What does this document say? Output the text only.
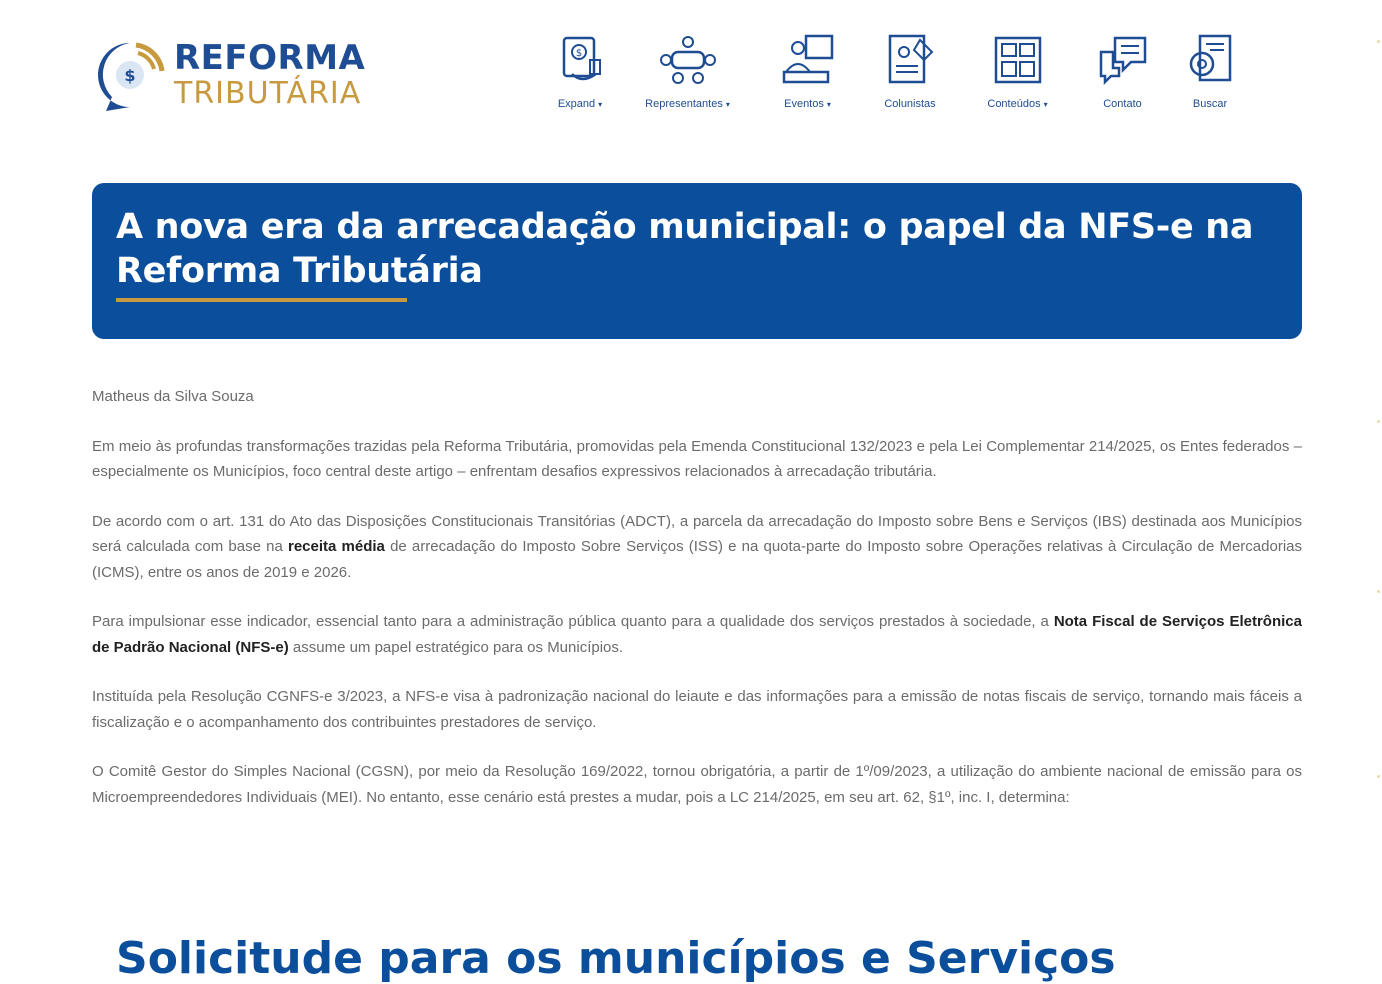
$ REFORMA
TRIBUTÁRIA
$
Expand ▾	Representantes ▾	Eventos ▾	Colunistas	Conteúdos ▾	Contato	Buscar
A nova era da arrecadação municipal: o papel da NFS-e na Reforma Tributária
Matheus da Silva Souza

Em meio às profundas transformações trazidas pela Reforma Tributária, promovidas pela Emenda Constitucional 132/2023 e pela Lei Complementar 214/2025, os Entes federados – especialmente os Municípios, foco central deste artigo – enfrentam desafios expressivos relacionados à arrecadação tributária.

De acordo com o art. 131 do Ato das Disposições Constitucionais Transitórias (ADCT), a parcela da arrecadação do Imposto sobre Bens e Serviços (IBS) destinada aos Municípios será calculada com base na receita média de arrecadação do Imposto Sobre Serviços (ISS) e na quota-parte do Imposto sobre Operações relativas à Circulação de Mercadorias (ICMS), entre os anos de 2019 e 2026.

Para impulsionar esse indicador, essencial tanto para a administração pública quanto para a qualidade dos serviços prestados à sociedade, a Nota Fiscal de Serviços Eletrônica de Padrão Nacional (NFS-e) assume um papel estratégico para os Municípios.

Instituída pela Resolução CGNFS-e 3/2023, a NFS-e visa à padronização nacional do leiaute e das informações para a emissão de notas fiscais de serviço, tornando mais fáceis a fiscalização e o acompanhamento dos contribuintes prestadores de serviço.

O Comitê Gestor do Simples Nacional (CGSN), por meio da Resolução 169/2022, tornou obrigatória, a partir de 1º/09/2023, a utilização do ambiente nacional de emissão para os Microempreendedores Individuais (MEI). No entanto, esse cenário está prestes a mudar, pois a LC 214/2025, em seu art. 62, §1º, inc. I, determina:

Solicitude para os municípios e Serviços
